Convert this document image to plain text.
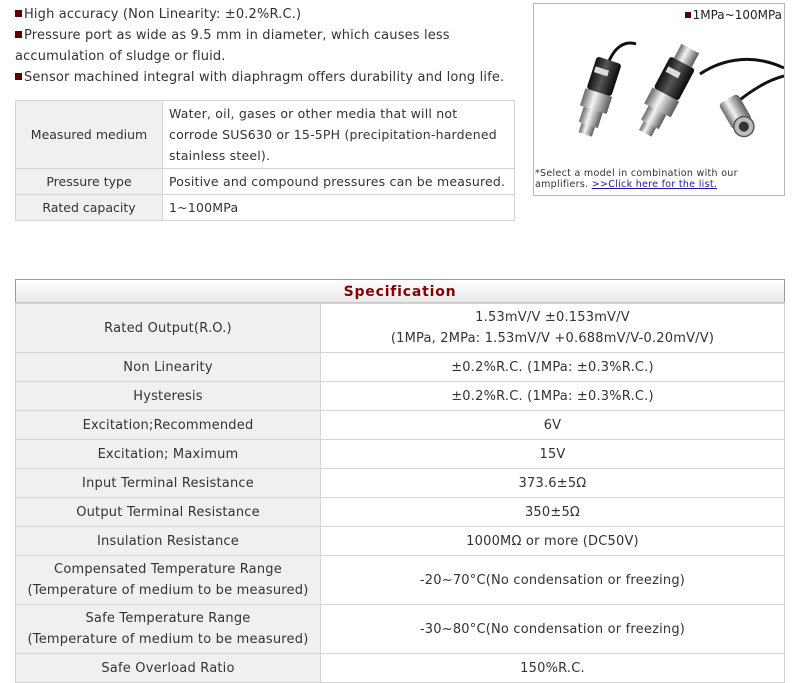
High accuracy (Non Linearity: ±0.2%R.C.)
Pressure port as wide as 9.5 mm in diameter, which causes less accumulation of sludge or fluid.
Sensor machined integral with diaphragm offers durability and long life.
1MPa~100MPa
*Select a model in combination with our amplifiers. >>Click here for the list.
Measured medium	Water, oil, gases or other media that will not corrode SUS630 or 15-5PH (precipitation-hardened stainless steel).
Pressure type	Positive and compound pressures can be measured.
Rated capacity	1~100MPa
Specification
Rated Output(R.O.)	1.53mV/V ±0.153mV/V
(1MPa, 2MPa: 1.53mV/V +0.688mV/V-0.20mV/V)
Non Linearity	±0.2%R.C. (1MPa: ±0.3%R.C.)
Hysteresis	±0.2%R.C. (1MPa: ±0.3%R.C.)
Excitation;Recommended	6V
Excitation; Maximum	15V
Input Terminal Resistance	373.6±5Ω
Output Terminal Resistance	350±5Ω
Insulation Resistance	1000MΩ or more (DC50V)
Compensated Temperature Range
(Temperature of medium to be measured)	-20~70°C(No condensation or freezing)
Safe Temperature Range
(Temperature of medium to be measured)	-30~80°C(No condensation or freezing)
Safe Overload Ratio	150%R.C.
